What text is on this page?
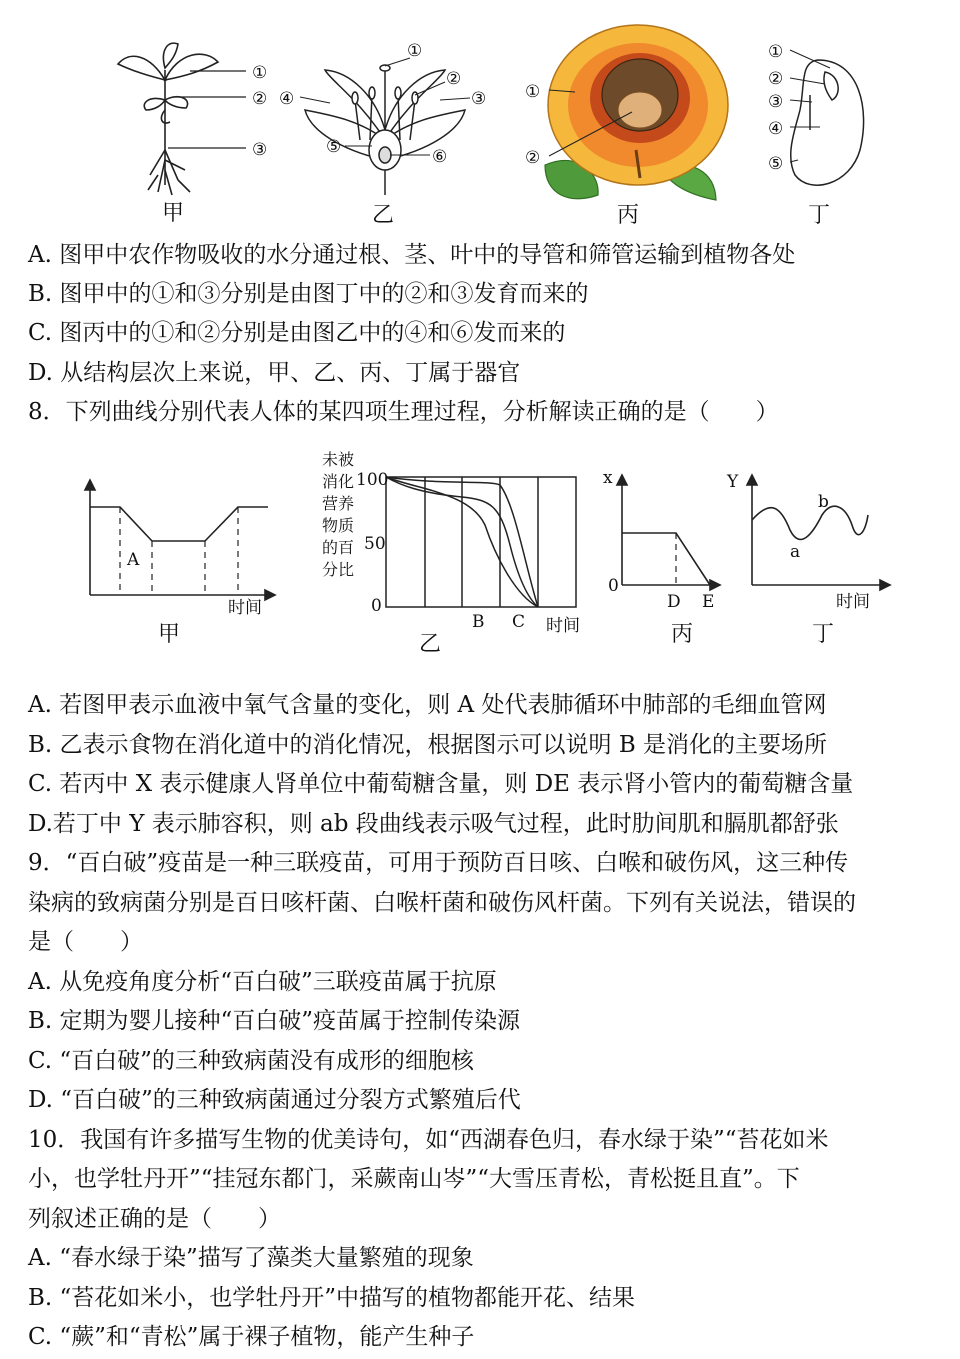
①
②
③
甲
①
②
③
④
⑤	⑥
乙
①
②
丙
①
②
③
④
⑤
丁
A. 图甲中农作物吸收的水分通过根、茎、叶中的导管和筛管运输到植物各处
B. 图甲中的①和③分别是由图丁中的②和③发育而来的
C. 图丙中的①和②分别是由图乙中的④和⑥发而来的
D. 从结构层次上来说，甲、乙、丙、丁属于器官
8．下列曲线分别代表人体的某四项生理过程，分析解读正确的是（　　）
A
时间
甲
未被
消化
营养
物质
的百
分比
100
50
0
B C 时间
乙
x
0
D E
丙
Y
a
b
时间
丁
A. 若图甲表示血液中氧气含量的变化，则 A 处代表肺循环中肺部的毛细血管网
B. 乙表示食物在消化道中的消化情况，根据图示可以说明 B 是消化的主要场所
C. 若丙中 X 表示健康人肾单位中葡萄糖含量，则 DE 表示肾小管内的葡萄糖含量
D.若丁中 Y 表示肺容积，则 ab 段曲线表示吸气过程，此时肋间肌和膈肌都舒张
9．“百白破”疫苗是一种三联疫苗，可用于预防百日咳、白喉和破伤风，这三种传
染病的致病菌分别是百日咳杆菌、白喉杆菌和破伤风杆菌。下列有关说法，错误的
是（　　）
A. 从免疫角度分析“百白破”三联疫苗属于抗原
B. 定期为婴儿接种“百白破”疫苗属于控制传染源
C. “百白破”的三种致病菌没有成形的细胞核
D. “百白破”的三种致病菌通过分裂方式繁殖后代
10．我国有许多描写生物的优美诗句，如“西湖春色归，春水绿于染”“苔花如米
小，也学牡丹开”“挂冠东都门，采蕨南山岑”“大雪压青松，青松挺且直”。下
列叙述正确的是（　　）
A. “春水绿于染”描写了藻类大量繁殖的现象
B. “苔花如米小，也学牡丹开”中描写的植物都能开花、结果
C. “蕨”和“青松”属于裸子植物，能产生种子
